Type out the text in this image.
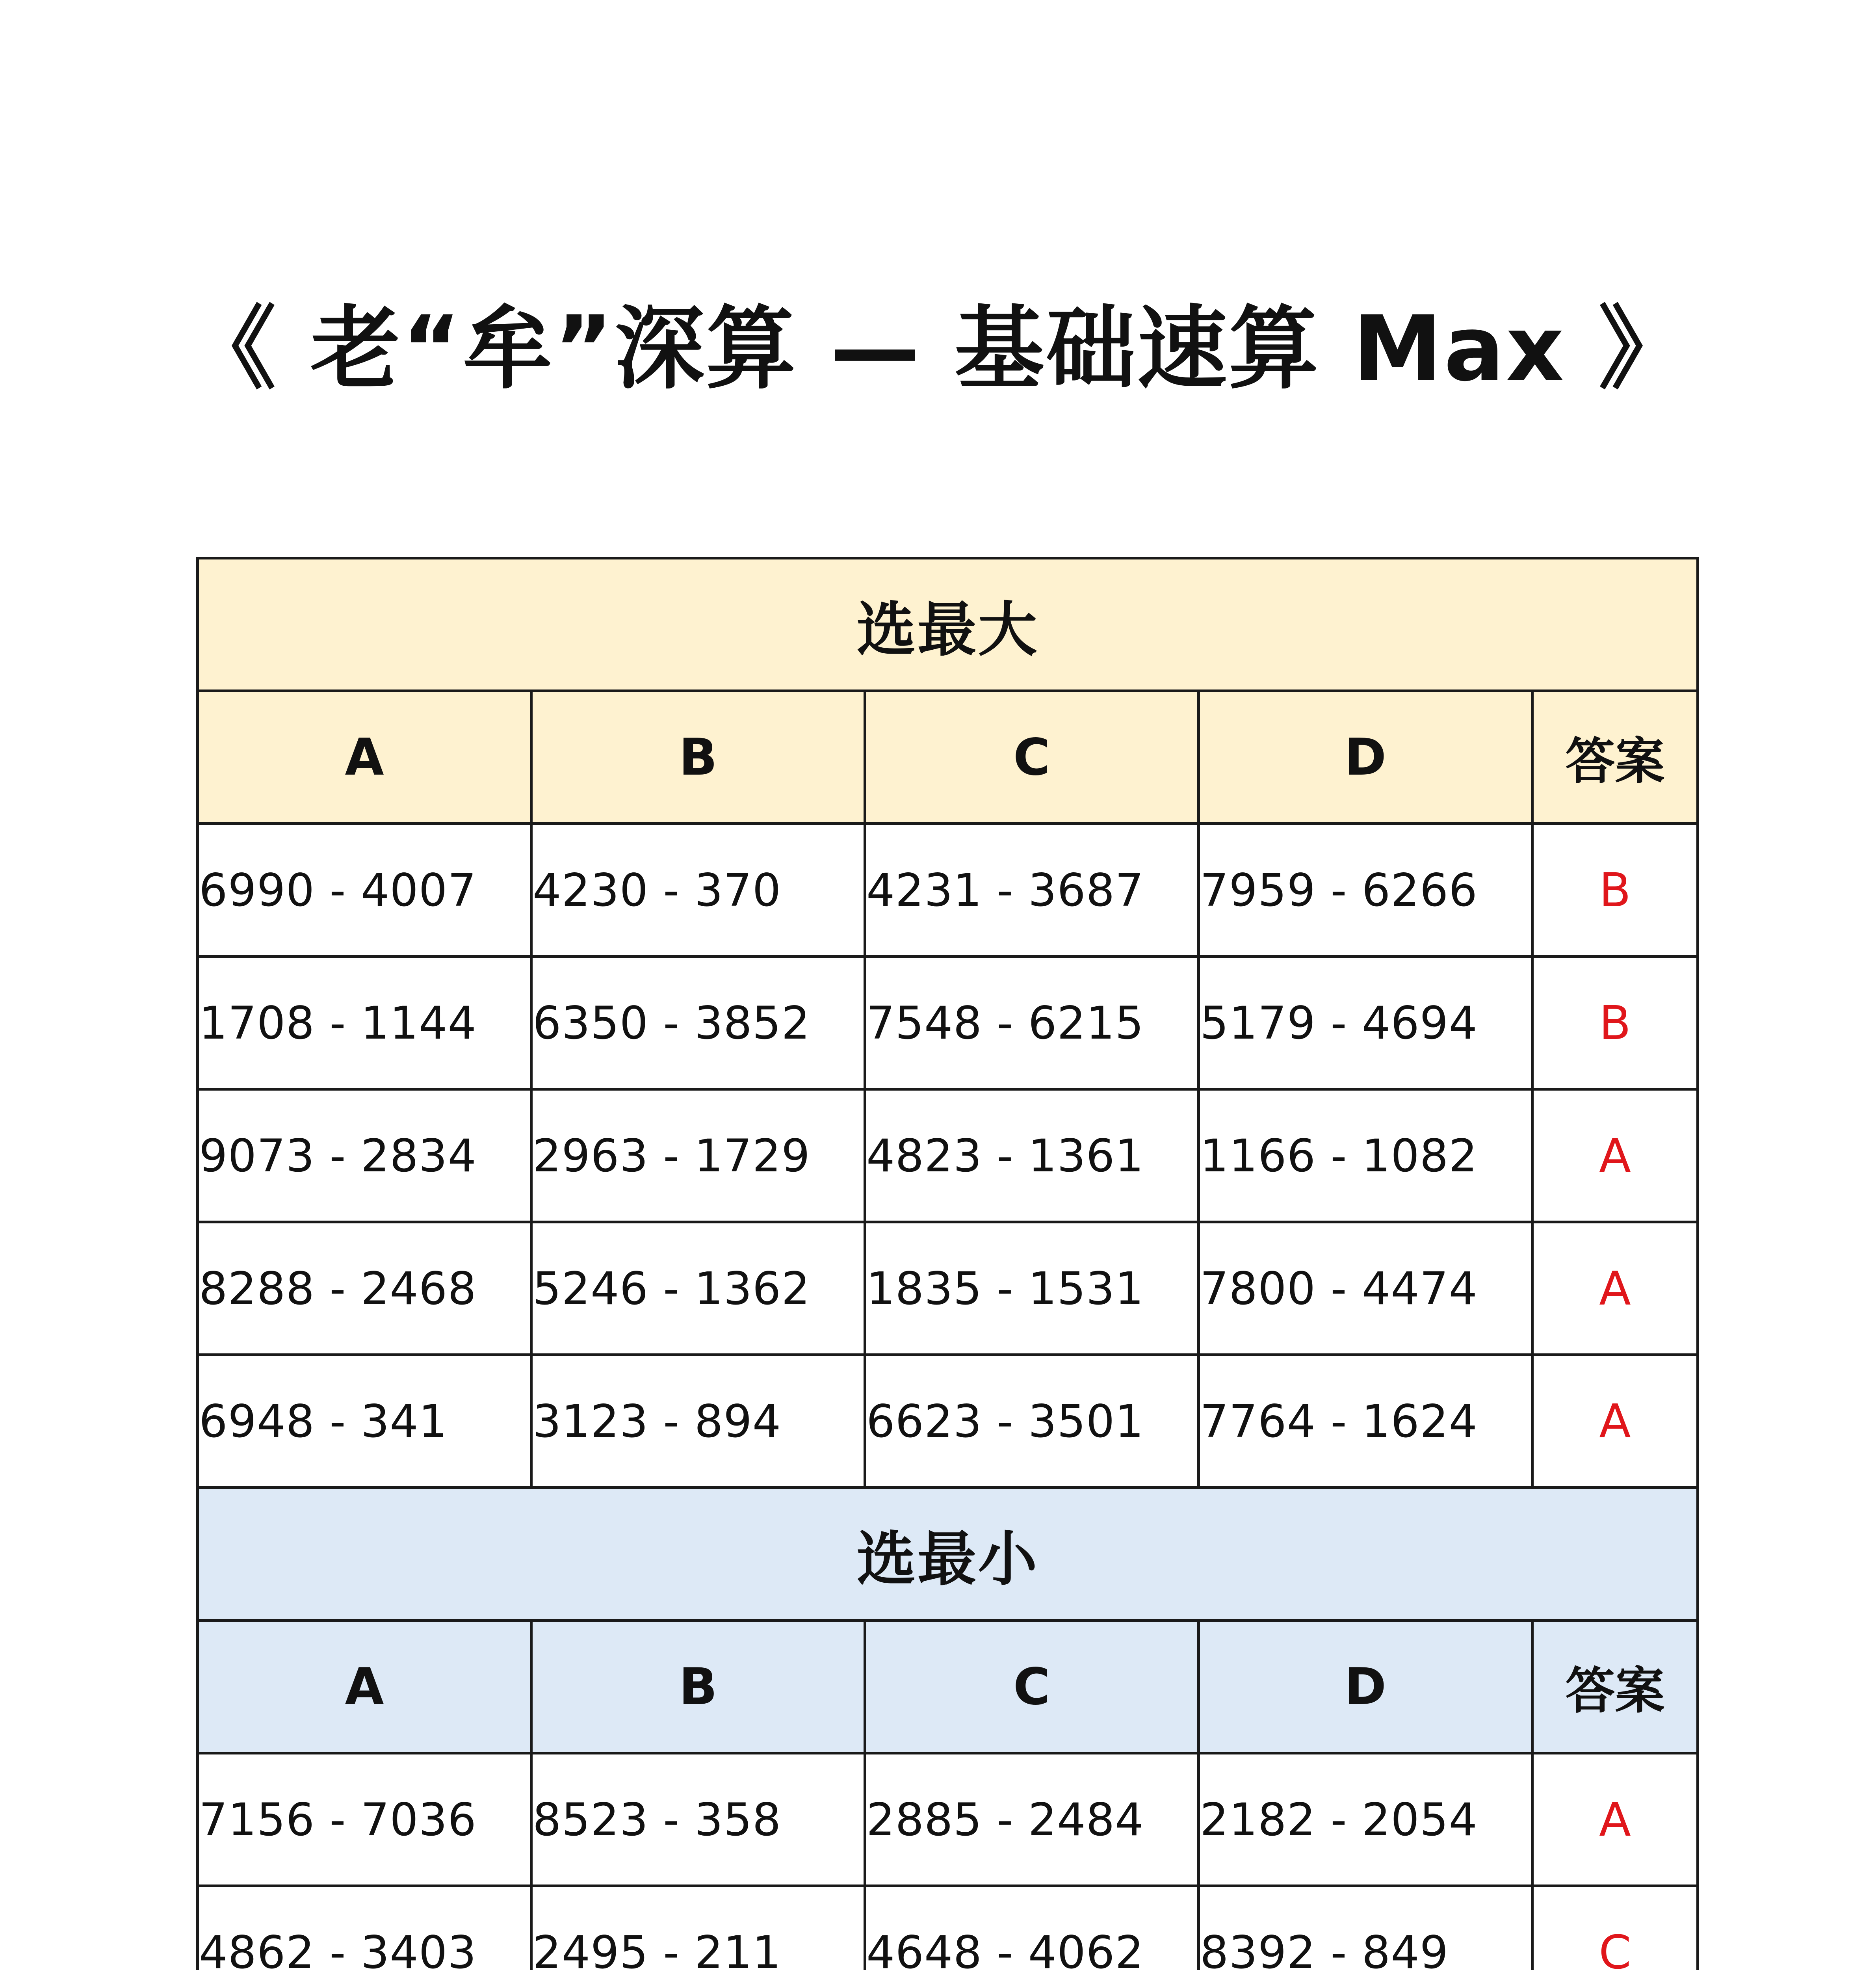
《 老“牟”深算 — 基础速算 Max 》
选最大				
A	B	C	D	答案
6990 - 4007	4230 - 370	4231 - 3687	7959 - 6266	B
1708 - 1144	6350 - 3852	7548 - 6215	5179 - 4694	B
9073 - 2834	2963 - 1729	4823 - 1361	1166 - 1082	A
8288 - 2468	5246 - 1362	1835 - 1531	7800 - 4474	A
6948 - 341	3123 - 894	6623 - 3501	7764 - 1624	A
选最小				
A	B	C	D	答案
7156 - 7036	8523 - 358	2885 - 2484	2182 - 2054	A
4862 - 3403	2495 - 211	4648 - 4062	8392 - 849	C
